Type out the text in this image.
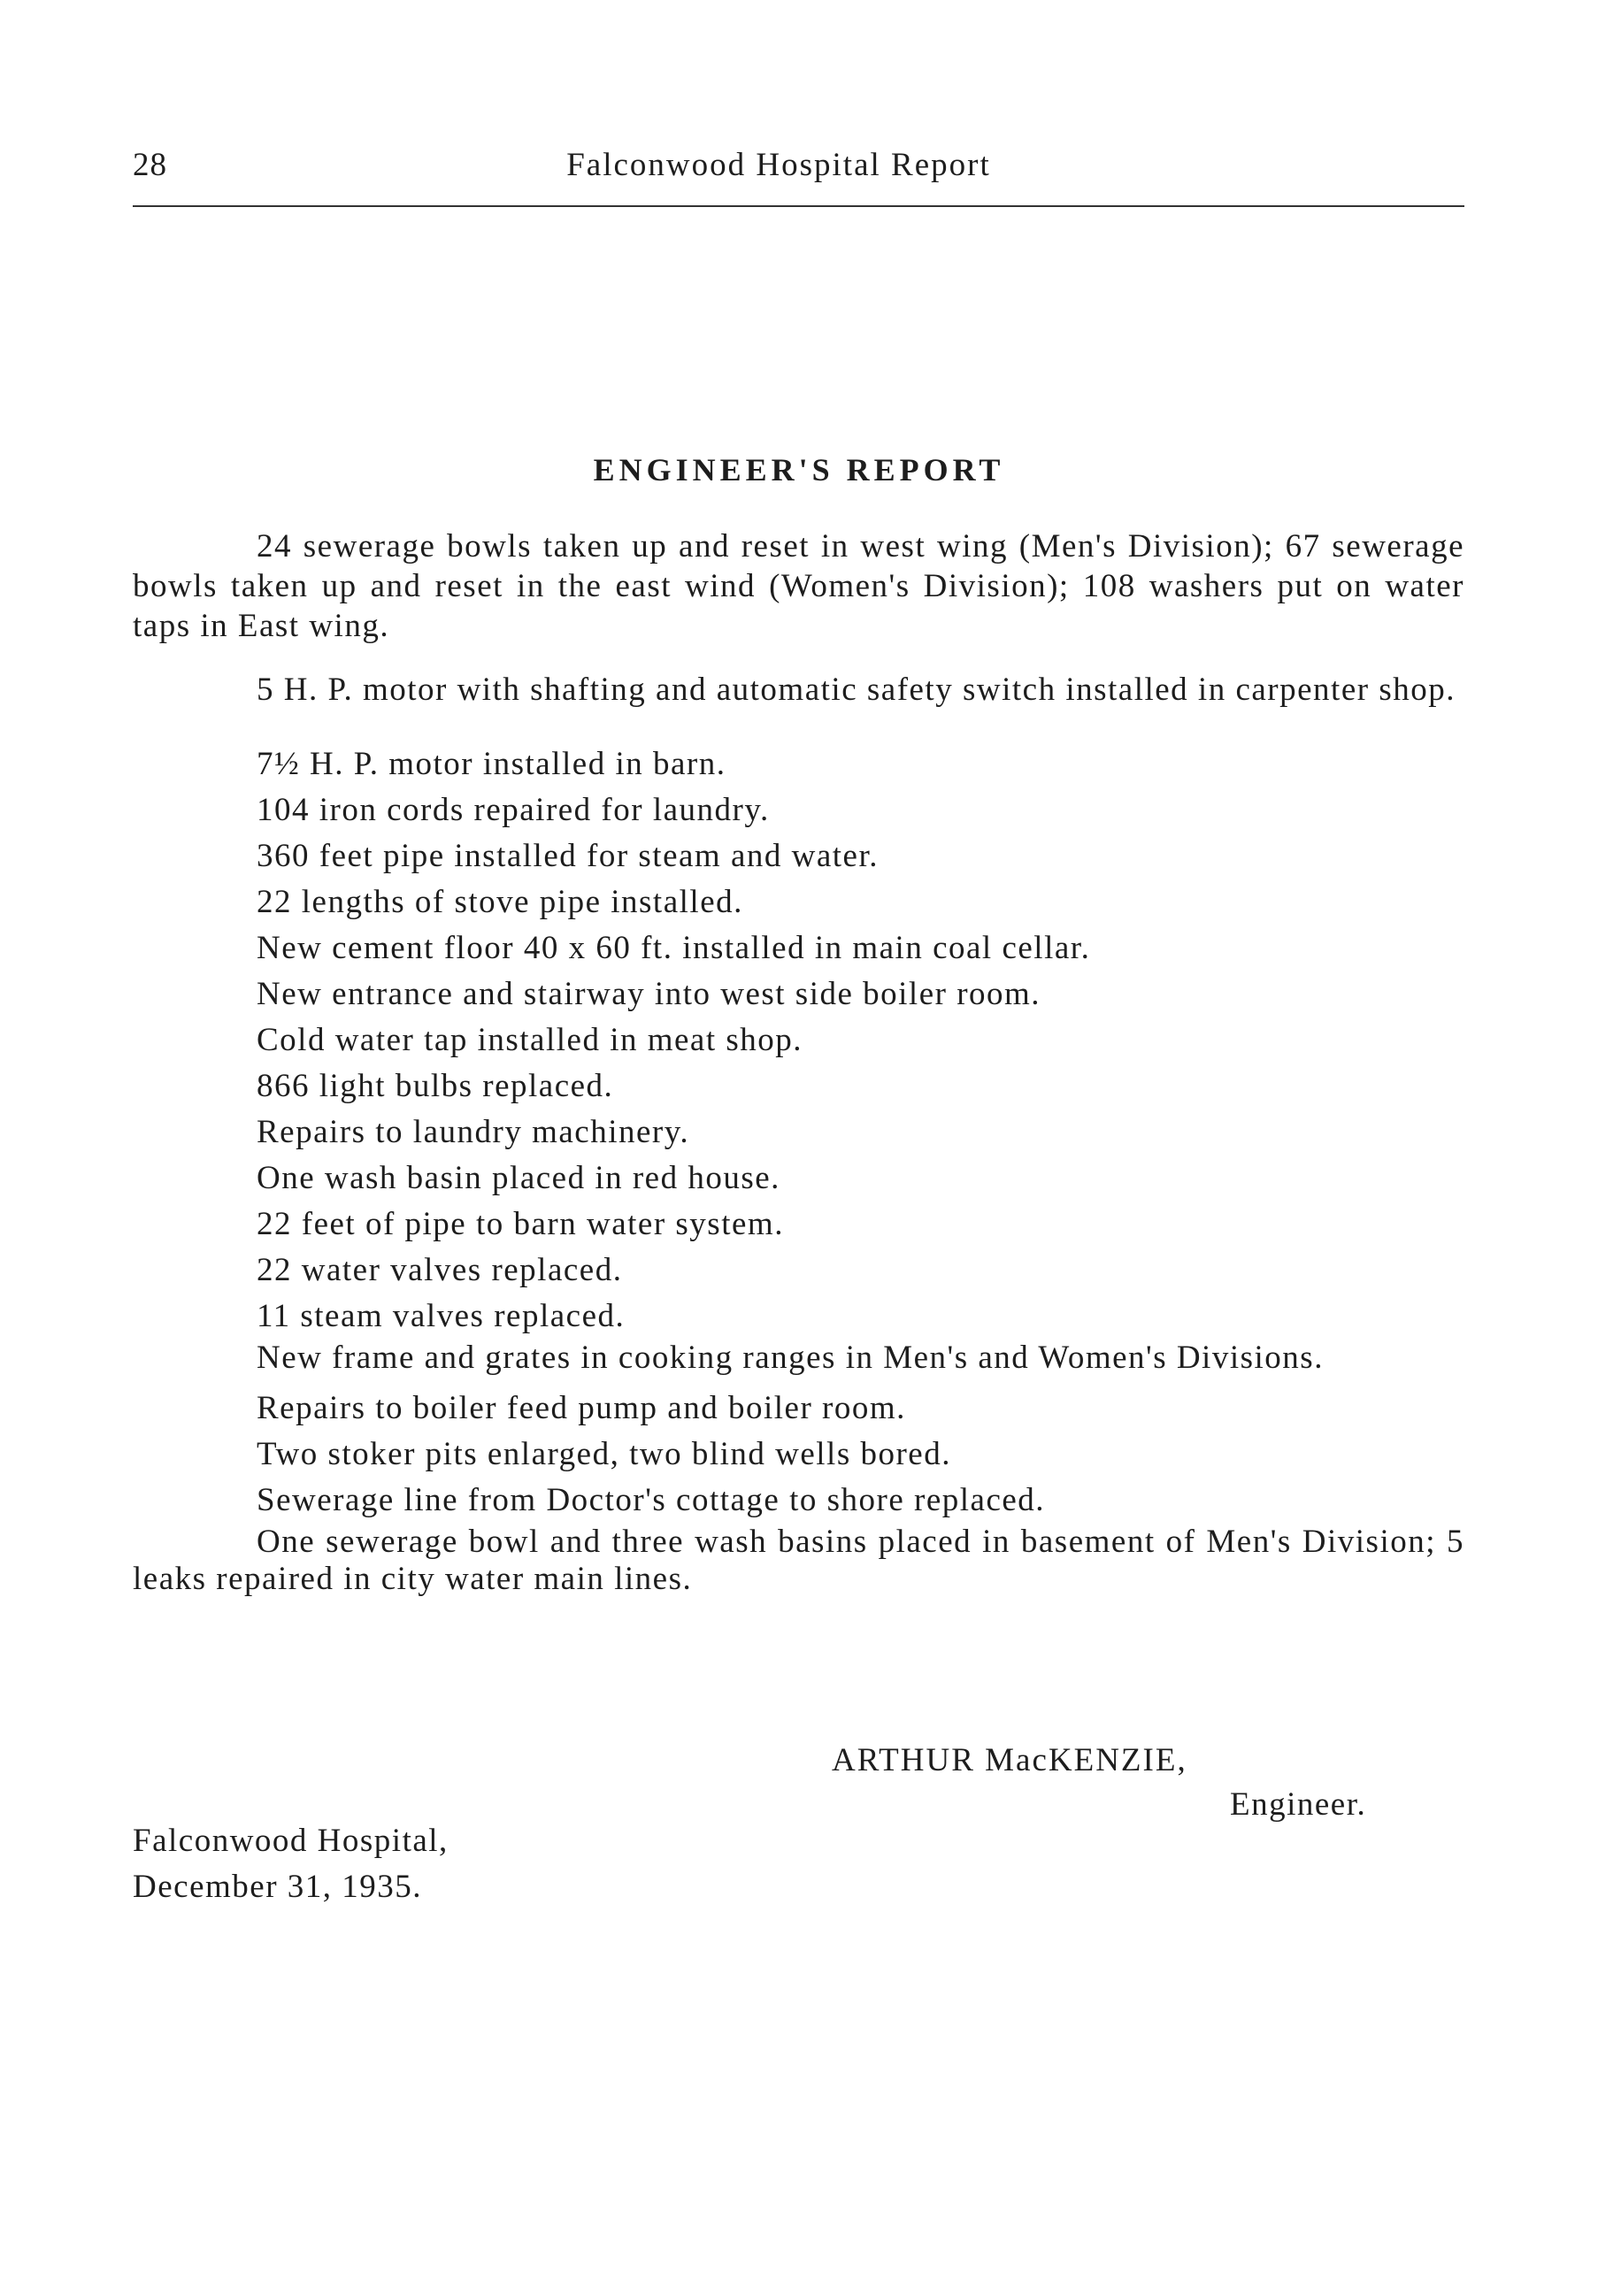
28	Falconwood Hospital Report
ENGINEER'S REPORT

24 sewerage bowls taken up and reset in west wing (Men's Division); 67 sewerage bowls taken up and reset in the east wind (Women's Division); 108 washers put on water taps in East wing.

5 H. P. motor with shafting and automatic safety switch installed in carpenter shop.

7½ H. P. motor installed in barn.
104 iron cords repaired for laundry.
360 feet pipe installed for steam and water.
22 lengths of stove pipe installed.
New cement floor 40 x 60 ft. installed in main coal cellar.
New entrance and stairway into west side boiler room.
Cold water tap installed in meat shop.
866 light bulbs replaced.
Repairs to laundry machinery.
One wash basin placed in red house.
22 feet of pipe to barn water system.
22 water valves replaced.
11 steam valves replaced.
New frame and grates in cooking ranges in Men's and Women's Divisions.
Repairs to boiler feed pump and boiler room.
Two stoker pits enlarged, two blind wells bored.
Sewerage line from Doctor's cottage to shore replaced.
One sewerage bowl and three wash basins placed in basement of Men's Division; 5 leaks repaired in city water main lines.
ARTHUR MacKENZIE,
Engineer.
Falconwood Hospital,
December 31, 1935.
